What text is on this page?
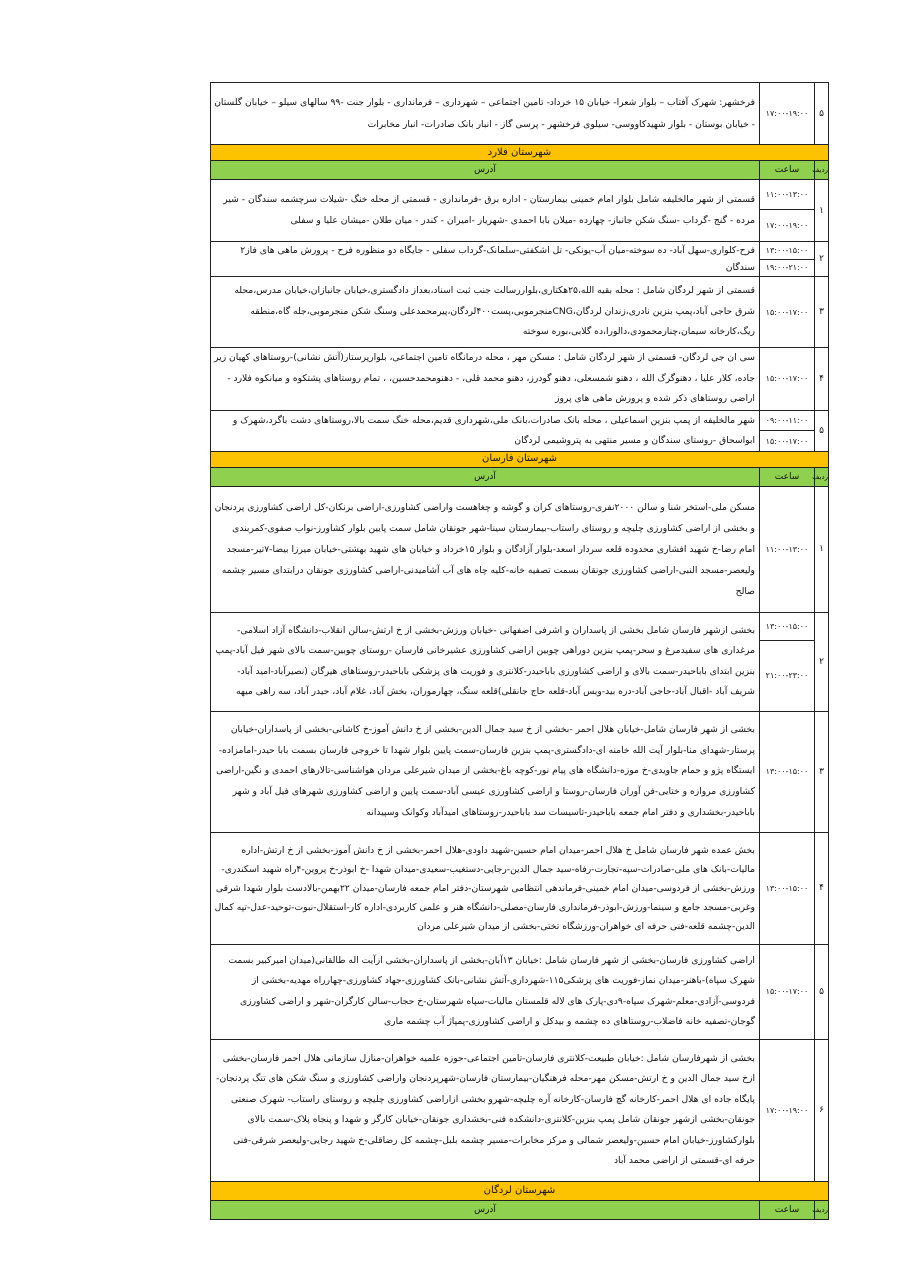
۵	۱۷:۰۰-۱۹:۰۰	فرخشهر: شهرک آفتاب – بلوار شعرا- خیابان ۱۵ خرداد- تامین اجتماعی – شهرداری – فرمانداری - بلوار جنت -۹۹ سالهای سیلو – خیابان گلستان - خیابان بوستان - بلوار شهیدکاووسی- سیلوی فرخشهر - پرسی گاز - انبار بانک صادرات- انبار مخابرات
شهرستان فلارد		
ردیف	ساعت	آدرس
۱	۱۱:۰۰-۱۳:۰۰	قسمتی از شهر مالخلیفه شامل بلوار امام خمینی بیمارستان - اداره برق -فرمانداری - قسمتی از محله خنگ -شیلات سرچشمه سندگان - شیر مرده - گنج -گرداب -سنگ شکن جانباز- چهارده -میلان بابا احمدی -شهریار -امیران - کندر - میان طلان -میشان علیا و سفلی
	۱۷:۰۰-۱۹:۰۰	
۲	۱۳:۰۰-۱۵:۰۰	فرح-کلواری-سهل آباد- ده سوخته-میان آب-یونکی- تل اشکفتی-سلمانک-گرداب سفلی - جایگاه دو منظوره فرح - پرورش ماهی های فاز۲ سندگان
	۱۹:۰۰-۲۱:۰۰	
۳	۱۵:۰۰-۱۷:۰۰	قسمتی از شهر لردگان شامل : محله بقیه الله،۲۵هکتاری،بلواررسالت جنب ثبت اسناد،بعداز دادگستری،خیابان جانبازان،خیابان مدرس،محله شرق حاجی آباد،پمپ بنزین نادری،زندان لردگان،CNGمنجرموبی،پست۴۰۰لردگان،پیرمحمدعلی وسنگ شکن منجرموبی،جله گاه،منطقه ریگ،کارخانه سیمان،چنارمحمودی،دالورا،ده گلابی،بوره سوخته
۴	۱۵:۰۰-۱۷:۰۰	سی ان جی لردگان- قسمتی از شهر لردگان شامل : مسکن مهر ، محله درمانگاه تامین اجتماعی، بلوارپرستار(آتش نشانی)-روستاهای کهیان زیر جاده، کلار علیا ، دهنوگرگ الله ، دهنو شمسعلی، دهنو گودرز، دهنو محمد قلی، - دهنومحمدحسین، ، تمام روستاهای پشتکوه و میانکوه فلارد - اراضی روستاهای ذکر شده و پرورش ماهی های پروز
۵	۰۹:۰۰-۱۱:۰۰	شهر مالخلیفه از پمپ بنزین اسماعیلی ، محله بانک صادرات،بانک ملی،شهرداری قدیم،محله خنگ سمت بالا،روستاهای دشت باگرد،شهرک و ابواسحاق -روستای سندگان و مسیر منتهی به پتروشیمی لردگان
	۱۵:۰۰-۱۷:۰۰	
شهرستان فارسان		
ردیف	ساعت	آدرس
۱	۱۱:۰۰-۱۳:۰۰	مسکن ملی-استخر شنا و سالن ۲۰۰۰نفری-روستاهای کران و گوشه و چغاهست واراضی کشاورزی-اراضی برنکان-کل اراضی کشاورزی پردنجان و بخشی از اراضی کشاورزی چلیچه و روستای راستاب-بیمارستان سینا-شهر جونقان شامل سمت پایین بلوار کشاورز-نواب صفوی-کمربندی امام رضا-خ شهید افشاری محدوده قلعه سردار اسعد-بلوار آزادگان و بلوار ۱۵خرداد و خیابان های شهید بهشتی-خیابان میرزا بیضا-۷تیر-مسجد ولیعصر-مسجد النبی-اراضی کشاورزی جونقان بسمت تصفیه خانه-کلیه چاه های آب آشامیدنی-اراضی کشاورزی جونقان درابتدای مسیر چشمه صالح
۲	۱۳:۰۰-۱۵:۰۰	بخشی ازشهر فارسان شامل بخشی از پاسداران و اشرفی اصفهانی -خیابان ورزش-بخشی از خ ارتش-سالن انقلاب-دانشگاه آزاد اسلامی-مرغداری های سفیدمرغ و سحر-پمپ بنزین دوراهی چوبین اراضی کشاورزی عشیرخانی فارسان -روستای چوبین-سمت بالای شهر فیل آباد-پمپ بنزین ابتدای باباحیدر-سمت بالای و اراضی کشاورزی باباحیدر-کلانتری و فوریت های پزشکی باباحیدر-روستاهای هیرگان (نصیرآباد-امید آباد-شریف آباد -اقبال آباد-حاجی آباد-دره بید-ویس آباد-قلعه حاج جانقلی)قلعه سنگ، چهارموران، بخش آباد، غلام آباد، حیدر آباد، سه راهی میهه
	۲۱:۰۰-۲۳:۰۰	
۳	۱۳:۰۰-۱۵:۰۰	بخشی از شهر فارسان شامل-خیابان هلال احمر -بخشی از خ سید جمال الدین-بخشی از خ دانش آموز-خ کاشانی-بخشی از پاسداران-خیابان پرستار-شهدای منا-بلوار آیت الله خامنه ای-دادگستری-پمپ بنزین فارسان-سمت پایین بلوار شهدا تا خروجی فارسان بسمت بابا حیدر-امامزاده-ایستگاه پژو و حمام جاویدی-خ موزه-دانشگاه های پیام نور-کوچه باغ-بخشی از میدان شیرعلی مردان هواشناسی-تالارهای احمدی و نگین-اراضی کشاورزی مروازه و ختایی-فن آوران فارسان-روستا و اراضی کشاورزی عیسی آباد-سمت پایین و اراضی کشاورزی شهرهای فیل آباد و شهر باباحیدر-بخشداری و دفتر امام جمعه باباحیدر-تاسیسات سد باباحیدر-روستاهای امیدآباد وکوانک وسپیدانه
۴	۱۳:۰۰-۱۵:۰۰	بخش عمده شهر فارسان شامل خ هلال احمر-میدان امام حسین-شهید داودی-هلال احمر-بخشی از خ دانش آموز-بخشی از خ ارتش-اداره مالیات-بانک های ملی-صادرات-سپه-تجارت-رفاه-سید جمال الدین-رجایی-دستغیب-سعیدی-میدان شهدا -خ ابوذر-خ پروین-۴راه شهید اسکندری-ورزش-بخشی از فردوسی-میدان امام خمینی-فرماندهی انتظامی شهرستان-دفتر امام جمعه فارسان-میدان ۲۲بهمن-بالادست بلوار شهدا شرقی وغربی-مسجد جامع و سینما-ورزش-ابوذر-فرمانداری فارسان-مصلی-دانشگاه هنر و علمی کاربردی-اداره کار-استقلال-نبوت-توحید-عدل-تپه کمال الدین-چشمه قلعه-فنی حرفه ای خواهران-ورزشگاه تختی-بخشی از میدان شیرعلی مردان
۵	۱۵:۰۰-۱۷:۰۰	اراضی کشاورزی فارسان-بخشی از شهر فارسان شامل :خیابان ۱۳آبان-بخشی از پاسداران-بخشی ازآیت اله طالقانی(میدان امیرکبیر بسمت شهرک سپاه)-باهنر-میدان نماز-فوریت های پزشکی۱۱۵-شهرداری-آتش نشانی-بانک کشاورزی-جهاد کشاورزی-چهارراه مهدیه-بخشی از فردوسی-آزادی-معلم-شهرک سپاه-۹دی-پارک های لاله قلمستان مالیات-سپاه شهرستان-خ حجاب-سالن کارگران-شهر و اراضی کشاورزی گوجان-تصفیه خانه فاضلاب-روستاهای ده چشمه و بیدکل و اراضی کشاورزی-پمپاژ آب چشمه ماری
۶	۱۷:۰۰-۱۹:۰۰	بخشی از شهرفارسان شامل :خیابان طبیعت-کلانتری فارسان-تامین اجتماعی-حوزه علمیه خواهران-منازل سازمانی هلال احمر فارسان-بخشی ازخ سید جمال الدین و خ ارتش-مسکن مهر-محله فرهنگیان-بیمارستان فارسان-شهرپردنجان واراضی کشاورزی و سنگ شکن های تنگ پردنجان-پایگاه جاده ای هلال احمر-کارخانه گچ فارسان-کارخانه آره چلیچه-شهرو بخشی ازاراضی کشاورزی چلیچه و روستای راستاب- شهرک صنعتی جونقان-بخشی ازشهر جونقان شامل پمپ بنزین-کلانتری-دانشکده فنی-بخشداری جونقان-خیابان کارگر و شهدا و پنجاه پلاک-سمت بالای بلوارکشاورز-خیابان امام حسین-ولیعصر شمالی و مرکز مخابرات-مسیر چشمه بلبل-چشمه کل رضاقلی-خ شهید رجایی-ولیعصر شرقی-فنی حرفه ای-قسمتی از اراضی محمد آباد
شهرستان لردگان		
ردیف	ساعت	آدرس
